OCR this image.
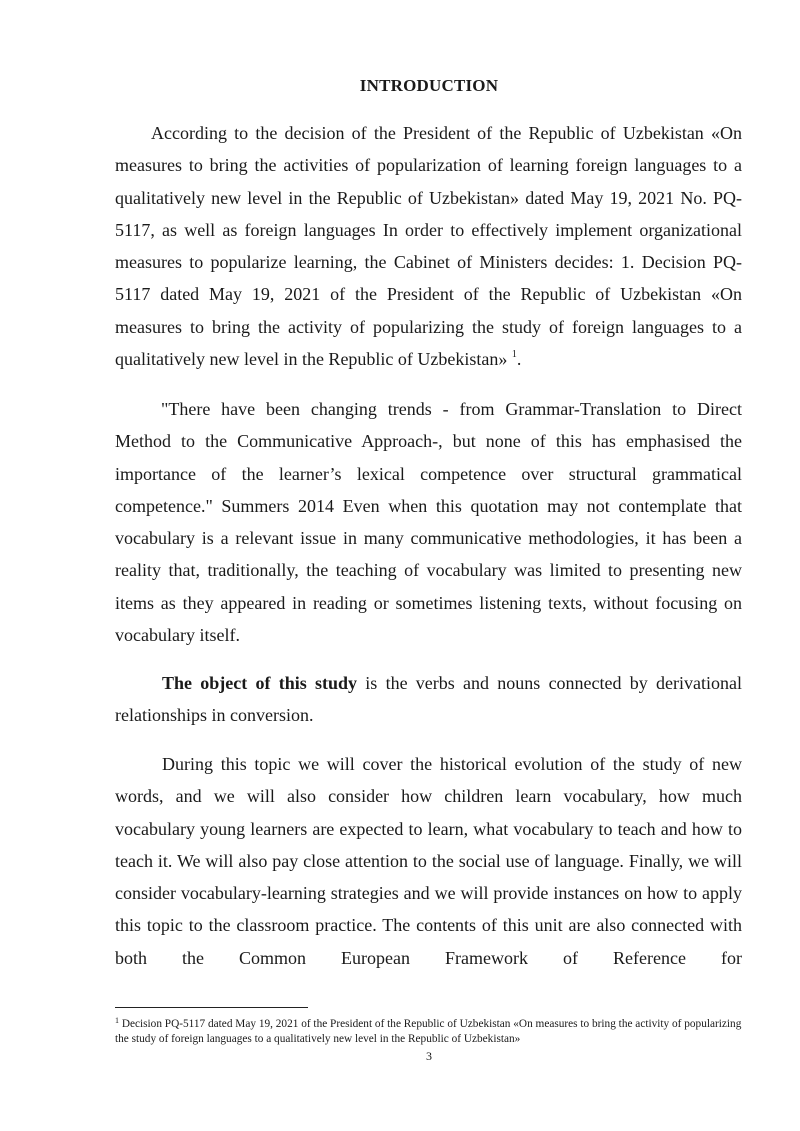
INTRODUCTION

According to the decision of the President of the Republic of Uzbekistan «On measures to bring the activities of popularization of learning foreign languages to a qualitatively new level in the Republic of Uzbekistan» dated May 19, 2021 No. PQ-5117, as well as foreign languages In order to effectively implement organizational measures to popularize learning, the Cabinet of Ministers decides: 1. Decision PQ-5117 dated May 19, 2021 of the President of the Republic of Uzbekistan «On measures to bring the activity of popularizing the study of foreign languages to a qualitatively new level in the Republic of Uzbekistan» $^1$.

"There have been changing trends - from Grammar-Translation to Direct Method to the Communicative Approach-, but none of this has emphasised the importance of the learner’s lexical competence over structural grammatical competence." Summers 2014 Even when this quotation may not contemplate that vocabulary is a relevant issue in many communicative methodologies, it has been a reality that, traditionally, the teaching of vocabulary was limited to presenting new items as they appeared in reading or sometimes listening texts, without focusing on vocabulary itself.

The object of this study is the verbs and nouns connected by derivational relationships in conversion.

During this topic we will cover the historical evolution of the study of new words, and we will also consider how children learn vocabulary, how much vocabulary young learners are expected to learn, what vocabulary to teach and how to teach it. We will also pay close attention to the social use of language. Finally, we will consider vocabulary-learning strategies and we will provide instances on how to apply this topic to the classroom practice. The contents of this unit are also connected with both the Common European Framework of Reference for

$^1$ Decision PQ-5117 dated May 19, 2021 of the President of the Republic of Uzbekistan «On measures to bring the activity of popularizing the study of foreign languages to a qualitatively new level in the Republic of Uzbekistan»

3
